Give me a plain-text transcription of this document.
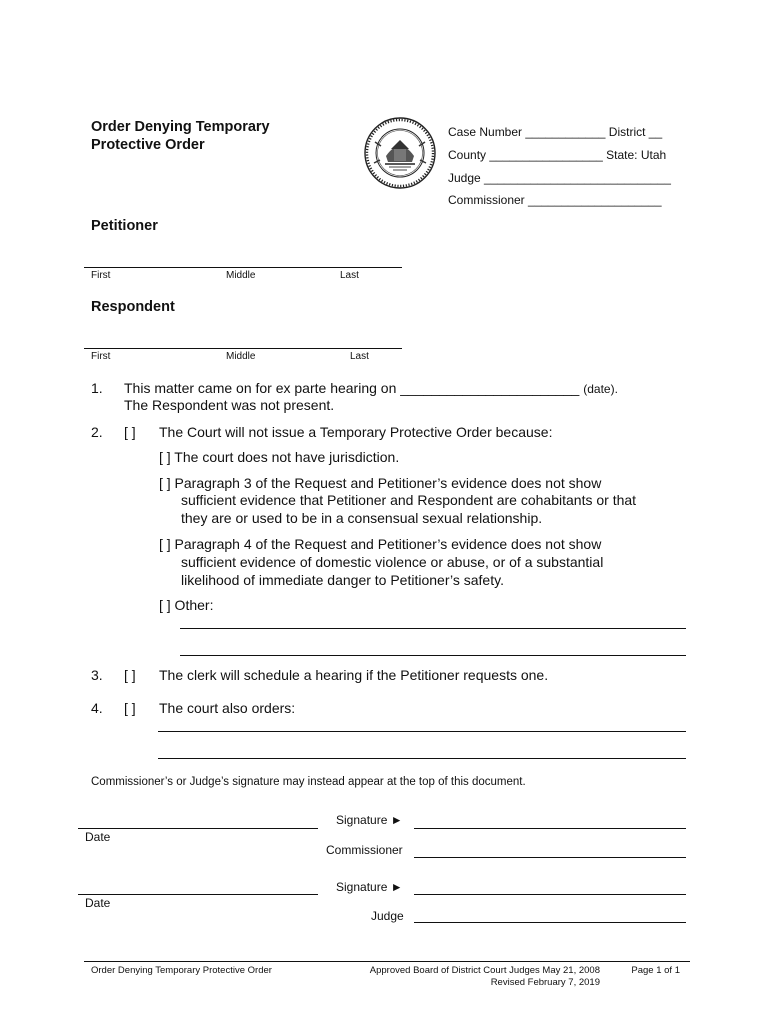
Order Denying Temporary
Protective Order
Case Number ____________ District __
County _________________ State: Utah
Judge ____________________________
Commissioner ____________________
Petitioner
First	Middle	Last
Respondent
First	Middle	Last
1. This matter came on for ex parte hearing on _______________________ (date).
The Respondent was not present.
2. [ ] The Court will not issue a Temporary Protective Order because:
[ ] The court does not have jurisdiction.
[ ] Paragraph 3 of the Request and Petitioner’s evidence does not show
sufficient evidence that Petitioner and Respondent are cohabitants or that
they are or used to be in a consensual sexual relationship.
[ ] Paragraph 4 of the Request and Petitioner’s evidence does not show
sufficient evidence of domestic violence or abuse, or of a substantial
likelihood of immediate danger to Petitioner’s safety.
[ ] Other:
3. [ ] The clerk will schedule a hearing if the Petitioner requests one.
4. [ ] The court also orders:
Commissioner’s or Judge’s signature may instead appear at the top of this document.
Date
Signature ►
Commissioner
Date
Signature ►
Judge
Order Denying Temporary Protective Order	Approved Board of District Court Judges May 21, 2008
Revised February 7, 2019
Page 1 of 1
